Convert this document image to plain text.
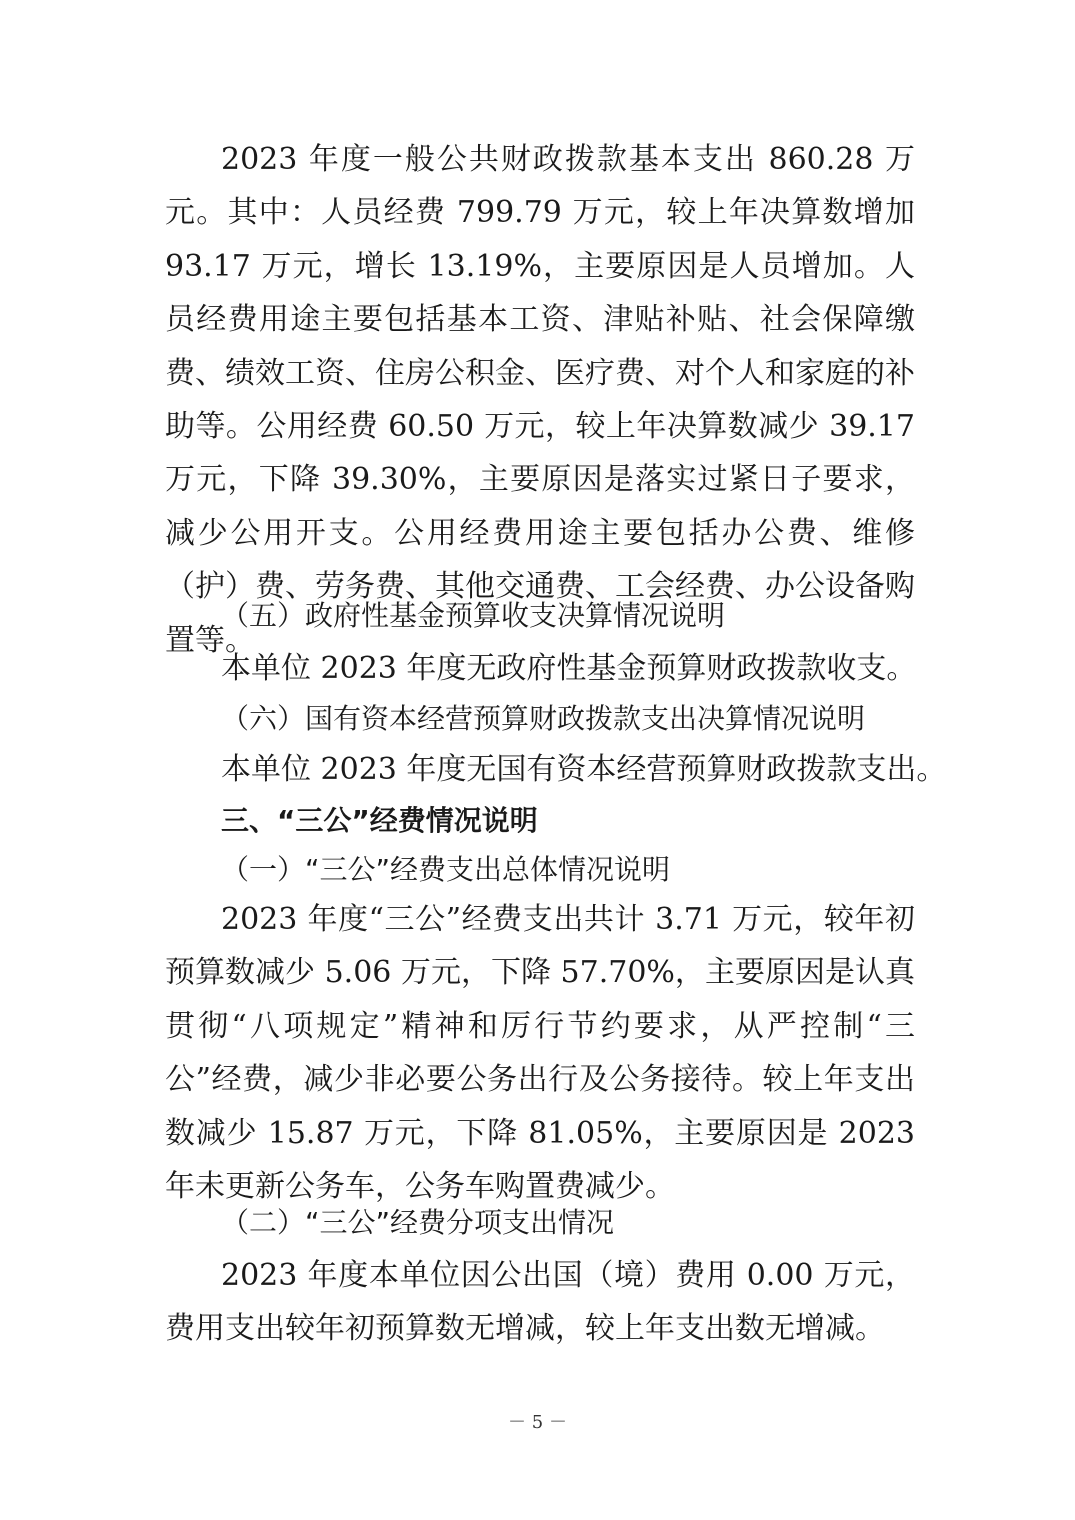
2023 年度一般公共财政拨款基本支出 860.28 万元。其中：人员经费 799.79 万元，较上年决算数增加 93.17 万元，增长 13.19%，主要原因是人员增加。人员经费用途主要包括基本工资、津贴补贴、社会保障缴费、绩效工资、住房公积金、医疗费、对个人和家庭的补助等。公用经费 60.50 万元，较上年决算数减少 39.17 万元，下降 39.30%，主要原因是落实过紧日子要求，减少公用开支。公用经费用途主要包括办公费、维修（护）费、劳务费、其他交通费、工会经费、办公设备购置等。

（五）政府性基金预算收支决算情况说明

本单位 2023 年度无政府性基金预算财政拨款收支。

（六）国有资本经营预算财政拨款支出决算情况说明

本单位 2023 年度无国有资本经营预算财政拨款支出。

三、“三公”经费情况说明

（一）“三公”经费支出总体情况说明

2023 年度“三公”经费支出共计 3.71 万元，较年初预算数减少 5.06 万元，下降 57.70%，主要原因是认真贯彻“八项规定”精神和厉行节约要求，从严控制“三公”经费，减少非必要公务出行及公务接待。较上年支出数减少 15.87 万元，下降 81.05%，主要原因是 2023 年未更新公务车，公务车购置费减少。

（二）“三公”经费分项支出情况

2023 年度本单位因公出国（境）费用 0.00 万元，费用支出较年初预算数无增减，较上年支出数无增减。

－ 5 －
